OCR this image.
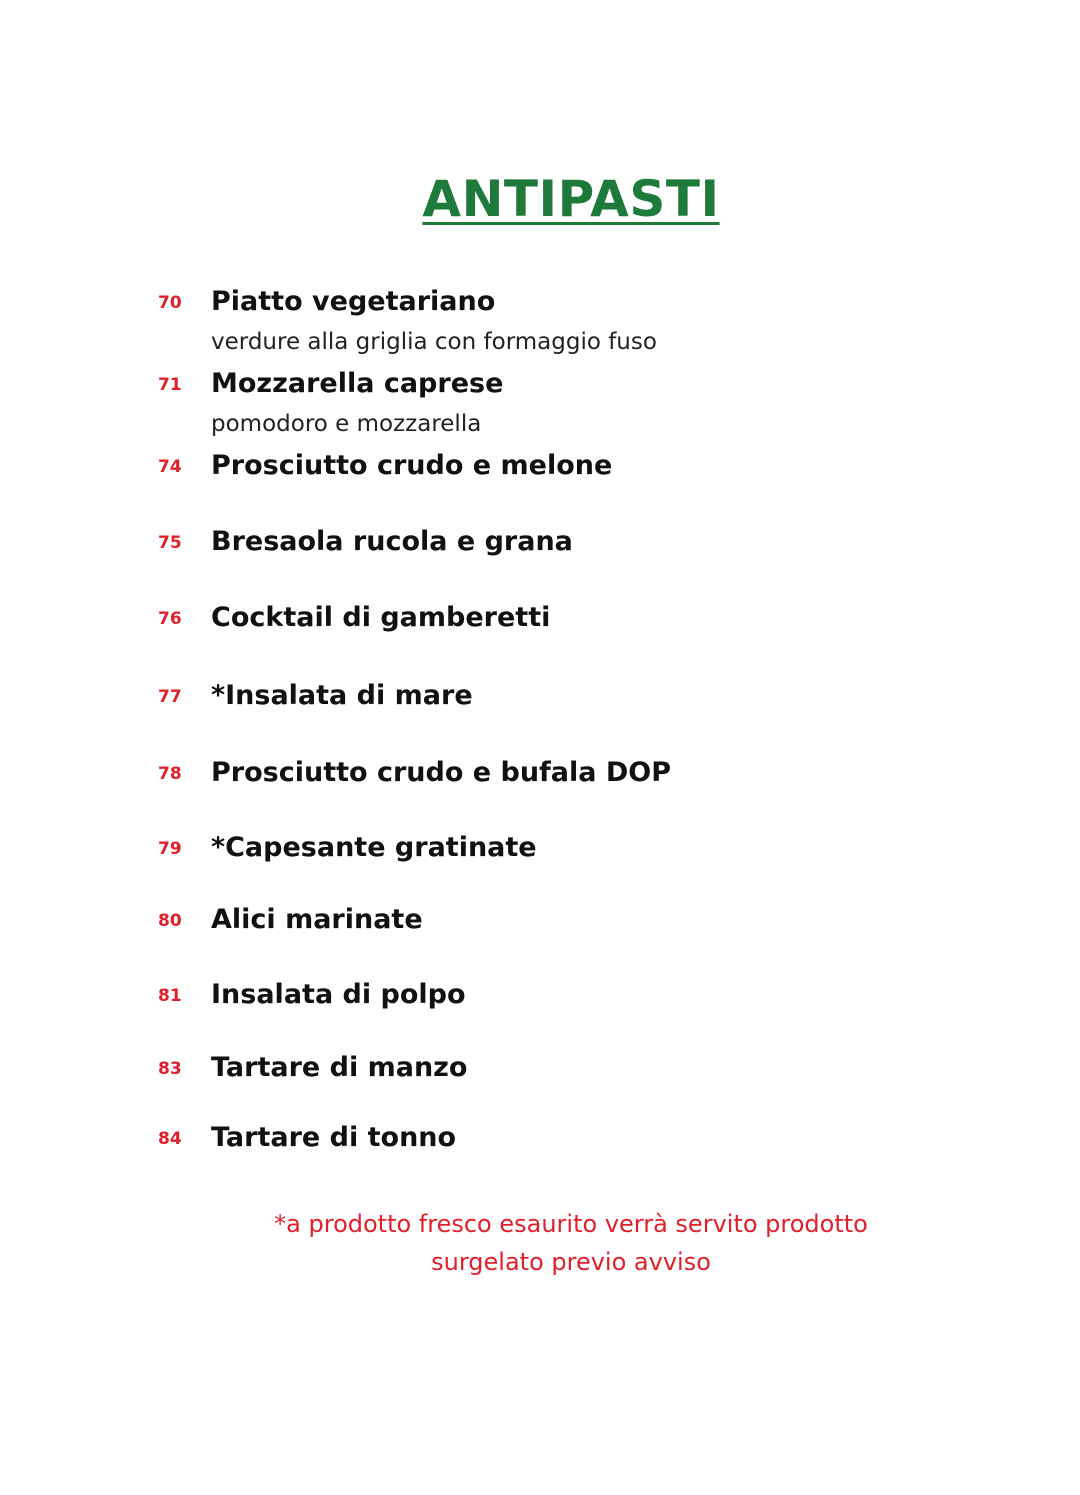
ANTIPASTI
70	Piatto vegetariano
verdure alla griglia con formaggio fuso
71	Mozzarella caprese
pomodoro e mozzarella
74	Prosciutto crudo e melone
75	Bresaola rucola e grana
76	Cocktail di gamberetti
77	*Insalata di mare
78	Prosciutto crudo e bufala DOP
79	*Capesante gratinate
80	Alici marinate
81	Insalata di polpo
83	Tartare di manzo
84	Tartare di tonno
*a prodotto fresco esaurito verrà servito prodotto
surgelato previo avviso
